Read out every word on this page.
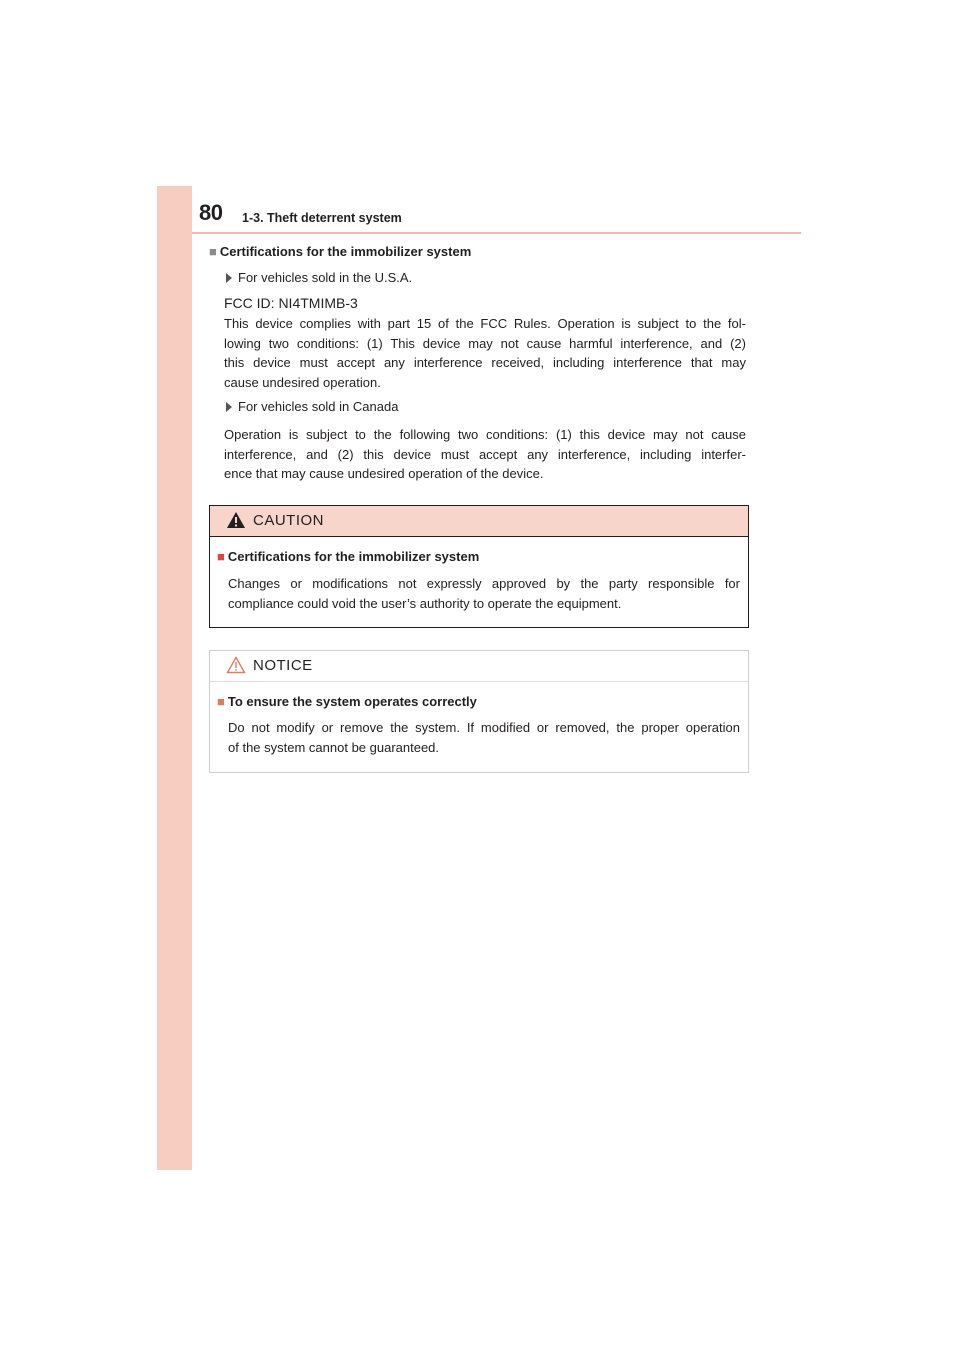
80 1-3. Theft deterrent system
■ Certifications for the immobilizer system
For vehicles sold in the U.S.A.
FCC ID: NI4TMIMB-3
This device complies with part 15 of the FCC Rules. Operation is subject to the fol-
lowing two conditions: (1) This device may not cause harmful interference, and (2)
this device must accept any interference received, including interference that may
cause undesired operation.
For vehicles sold in Canada
Operation is subject to the following two conditions: (1) this device may not cause
interference, and (2) this device must accept any interference, including interfer-
ence that may cause undesired operation of the device.
CAUTION
■ Certifications for the immobilizer system
Changes or modifications not expressly approved by the party responsible for
compliance could void the user’s authority to operate the equipment.
NOTICE
■ To ensure the system operates correctly
Do not modify or remove the system. If modified or removed, the proper operation
of the system cannot be guaranteed.
